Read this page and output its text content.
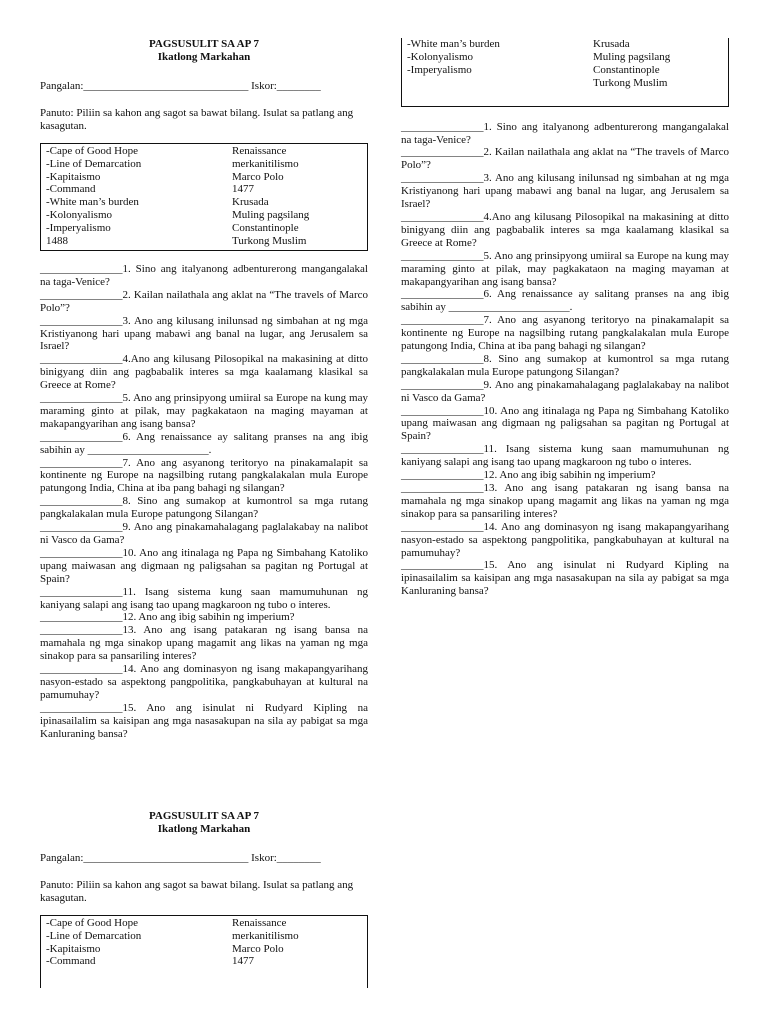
PAGSUSULIT SA AP 7

Ikatlong Markahan

Pangalan:______________________________ Iskor:________
Panuto: Piliin sa kahon ang sagot sa bawat bilang. Isulat sa patlang ang kasagutan.
-Cape of Good Hope
-Line of Demarcation
-Kapitaismo
-Command
-White man’s burden
-Kolonyalismo
-Imperyalismo
1488
Renaissance
merkanitilismo
Marco Polo
1477
Krusada
Muling pagsilang
Constantinople
Turkong Muslim

_______________1. Sino ang italyanong adbenturerong mangangalakal na taga-Venice?

_______________2. Kailan nailathala ang aklat na “The travels of Marco Polo”?

_______________3. Ano ang kilusang inilunsad ng simbahan at ng mga Kristiyanong hari upang mabawi ang banal na lugar, ang Jerusalem sa Israel?

_______________4.Ano ang kilusang Pilosopikal na makasining at ditto binigyang diin ang pagbabalik interes sa mga kaalamang klasikal sa Greece at Rome?

_______________5. Ano ang prinsipyong umiiral sa Europe na kung may maraming ginto at pilak, may pagkakataon na maging mayaman at makapangyarihan ang isang bansa?

_______________6. Ang renaissance ay salitang pranses na ang ibig sabihin ay ______________________.

_______________7. Ano ang asyanong teritoryo na pinakamalapit sa kontinente ng Europe na nagsilbing rutang pangkalakalan mula Europe patungong India, China at iba pang bahagi ng silangan?

_______________8. Sino ang sumakop at kumontrol sa mga rutang pangkalakalan mula Europe patungong Silangan?

_______________9. Ano ang pinakamahalagang paglalakabay na nalibot ni Vasco da Gama?

_______________10. Ano ang itinalaga ng Papa ng Simbahang Katoliko upang maiwasan ang digmaan ng paligsahan sa pagitan ng Portugal at Spain?

_______________11. Isang sistema kung saan mamumuhunan ng kaniyang salapi ang isang tao upang magkaroon ng tubo o interes.

_______________12. Ano ang ibig sabihin ng imperium?

_______________13. Ano ang isang patakaran ng isang bansa na mamahala ng mga sinakop upang magamit ang likas na yaman ng mga sinakop para sa pansariling interes?

_______________14. Ano ang dominasyon ng isang makapangyarihang nasyon-estado sa aspektong pangpolitika, pangkabuhayan at kultural na pamumuhay?

_______________15. Ano ang isinulat ni Rudyard Kipling na ipinasailalim sa kaisipan ang mga nasasakupan na sila ay pabigat sa mga Kanluraning bansa?

-White man’s burden
-Kolonyalismo
-Imperyalismo
Krusada
Muling pagsilang
Constantinople
Turkong Muslim

_______________1. Sino ang italyanong adbenturerong mangangalakal na taga-Venice?

_______________2. Kailan nailathala ang aklat na “The travels of Marco Polo”?

_______________3. Ano ang kilusang inilunsad ng simbahan at ng mga Kristiyanong hari upang mabawi ang banal na lugar, ang Jerusalem sa Israel?

_______________4.Ano ang kilusang Pilosopikal na makasining at ditto binigyang diin ang pagbabalik interes sa mga kaalamang klasikal sa Greece at Rome?

_______________5. Ano ang prinsipyong umiiral sa Europe na kung may maraming ginto at pilak, may pagkakataon na maging mayaman at makapangyarihan ang isang bansa?

_______________6. Ang renaissance ay salitang pranses na ang ibig sabihin ay ______________________.

_______________7. Ano ang asyanong teritoryo na pinakamalapit sa kontinente ng Europe na nagsilbing rutang pangkalakalan mula Europe patungong India, China at iba pang bahagi ng silangan?

_______________8. Sino ang sumakop at kumontrol sa mga rutang pangkalakalan mula Europe patungong Silangan?

_______________9. Ano ang pinakamahalagang paglalakabay na nalibot ni Vasco da Gama?

_______________10. Ano ang itinalaga ng Papa ng Simbahang Katoliko upang maiwasan ang digmaan ng paligsahan sa pagitan ng Portugal at Spain?

_______________11. Isang sistema kung saan mamumuhunan ng kaniyang salapi ang isang tao upang magkaroon ng tubo o interes.

_______________12. Ano ang ibig sabihin ng imperium?

_______________13. Ano ang isang patakaran ng isang bansa na mamahala ng mga sinakop upang magamit ang likas na yaman ng mga sinakop para sa pansariling interes?

_______________14. Ano ang dominasyon ng isang makapangyarihang nasyon-estado sa aspektong pangpolitika, pangkabuhayan at kultural na pamumuhay?

_______________15. Ano ang isinulat ni Rudyard Kipling na ipinasailalim sa kaisipan ang mga nasasakupan na sila ay pabigat sa mga Kanluraning bansa?

PAGSUSULIT SA AP 7

Ikatlong Markahan

Pangalan:______________________________ Iskor:________
Panuto: Piliin sa kahon ang sagot sa bawat bilang. Isulat sa patlang ang kasagutan.
-Cape of Good Hope
-Line of Demarcation
-Kapitaismo
-Command
Renaissance
merkanitilismo
Marco Polo
1477
